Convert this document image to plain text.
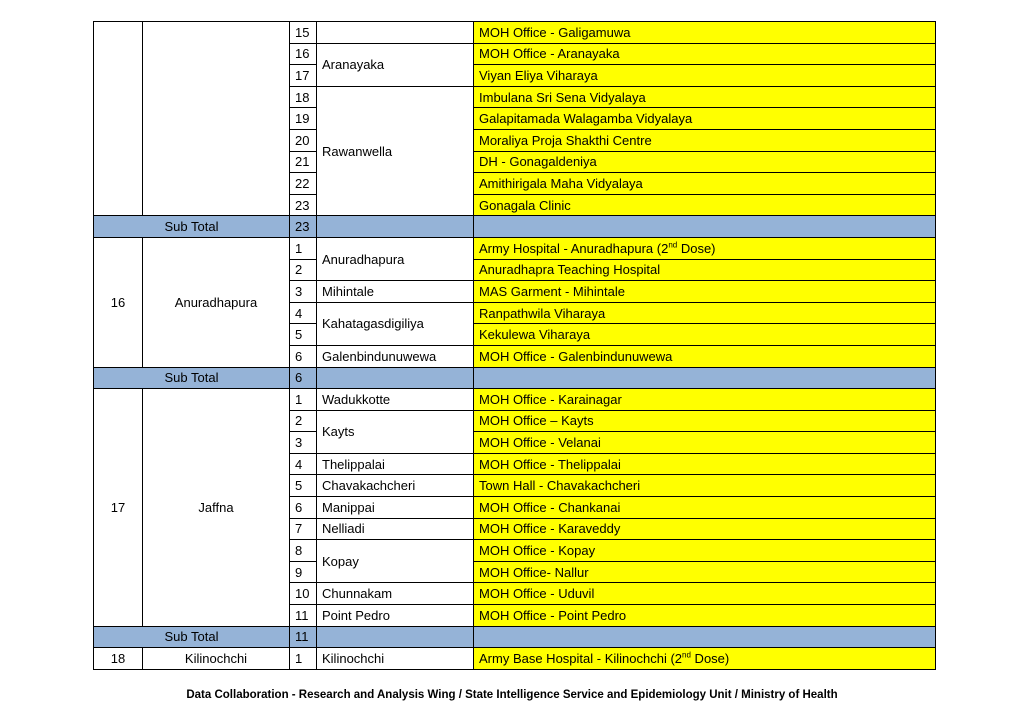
		15		MOH Office - Galigamuwa
		16	Aranayaka	MOH Office - Aranayaka
		17		Viyan Eliya Viharaya
		18	Rawanwella	Imbulana Sri Sena Vidyalaya
		19		Galapitamada Walagamba Vidyalaya
		20		Moraliya Proja Shakthi Centre
		21		DH - Gonagaldeniya
		22		Amithirigala Maha Vidyalaya
		23		Gonagala Clinic
Sub Total		23		
16	Anuradhapura	1	Anuradhapura	Army Hospital - Anuradhapura (2nd Dose)
		2		Anuradhapra Teaching Hospital
		3	Mihintale	MAS Garment - Mihintale
		4	Kahatagasdigiliya	Ranpathwila Viharaya
		5		Kekulewa Viharaya
		6	Galenbindunuwewa	MOH Office - Galenbindunuwewa
Sub Total		6		
17	Jaffna	1	Wadukkotte	MOH Office - Karainagar
		2	Kayts	MOH Office – Kayts
		3		MOH Office - Velanai
		4	Thelippalai	MOH Office - Thelippalai
		5	Chavakachcheri	Town Hall - Chavakachcheri
		6	Manippai	MOH Office - Chankanai
		7	Nelliadi	MOH Office - Karaveddy
		8	Kopay	MOH Office - Kopay
		9		MOH Office- Nallur
		10	Chunnakam	MOH Office - Uduvil
		11	Point Pedro	MOH Office - Point Pedro
Sub Total		11		
18	Kilinochchi	1	Kilinochchi	Army Base Hospital - Kilinochchi (2nd Dose)
Data Collaboration - Research and Analysis Wing / State Intelligence Service and Epidemiology Unit / Ministry of Health
